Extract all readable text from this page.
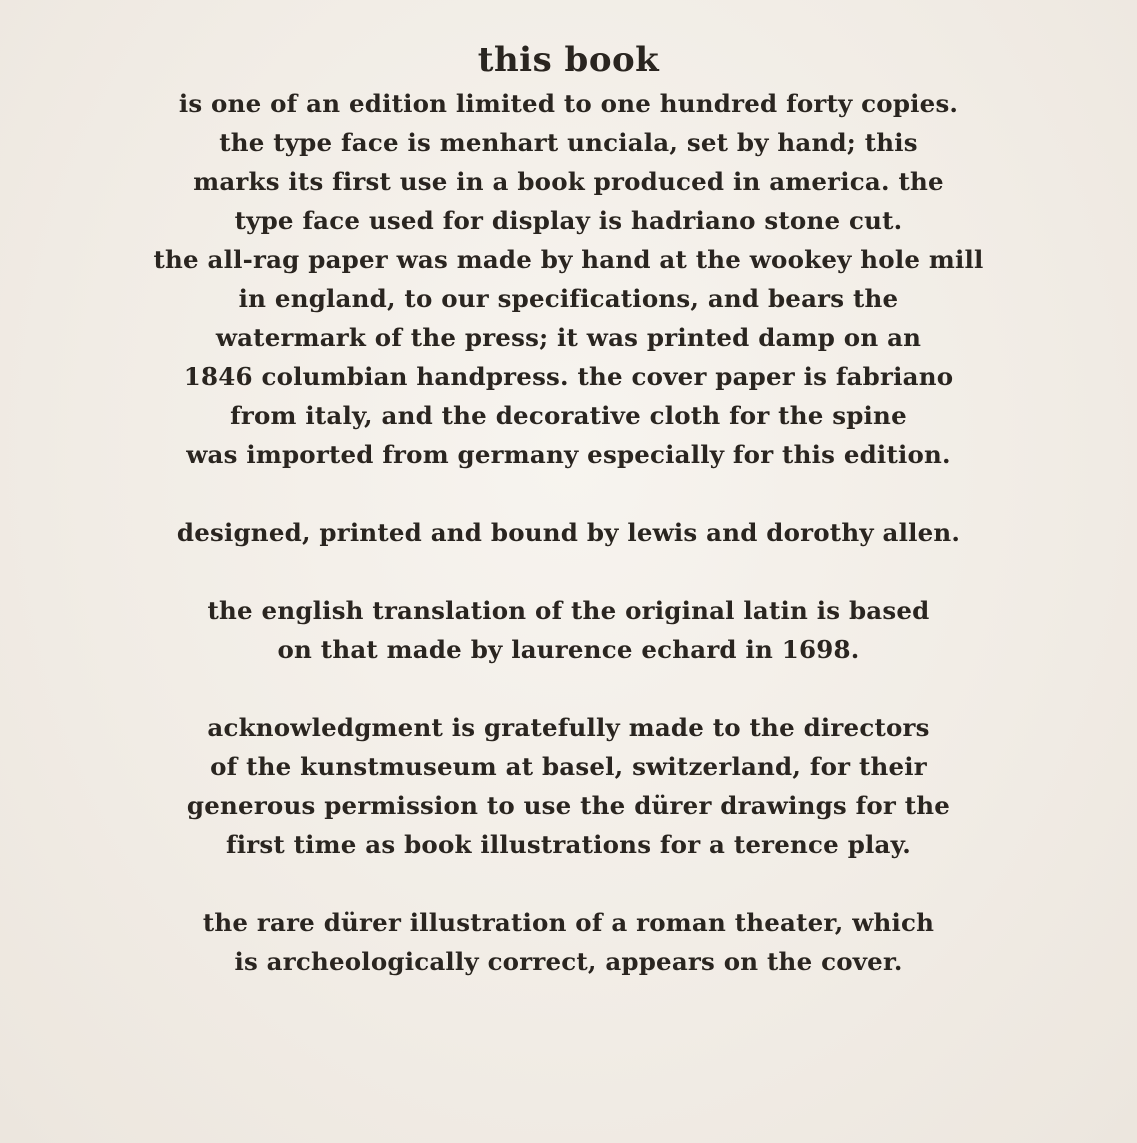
this book
is one of an edition limited to one hundred forty copies.
the type face is menhart unciala, set by hand; this
marks its first use in a book produced in america. the
type face used for display is hadriano stone cut.
the all-rag paper was made by hand at the wookey hole mill
in england, to our specifications, and bears the
watermark of the press; it was printed damp on an
1846 columbian handpress. the cover paper is fabriano
from italy, and the decorative cloth for the spine
was imported from germany especially for this edition.
designed, printed and bound by lewis and dorothy allen.
the english translation of the original latin is based
on that made by laurence echard in 1698.
acknowledgment is gratefully made to the directors
of the kunstmuseum at basel, switzerland, for their
generous permission to use the dürer drawings for the
first time as book illustrations for a terence play.
the rare dürer illustration of a roman theater, which
is archeologically correct, appears on the cover.
